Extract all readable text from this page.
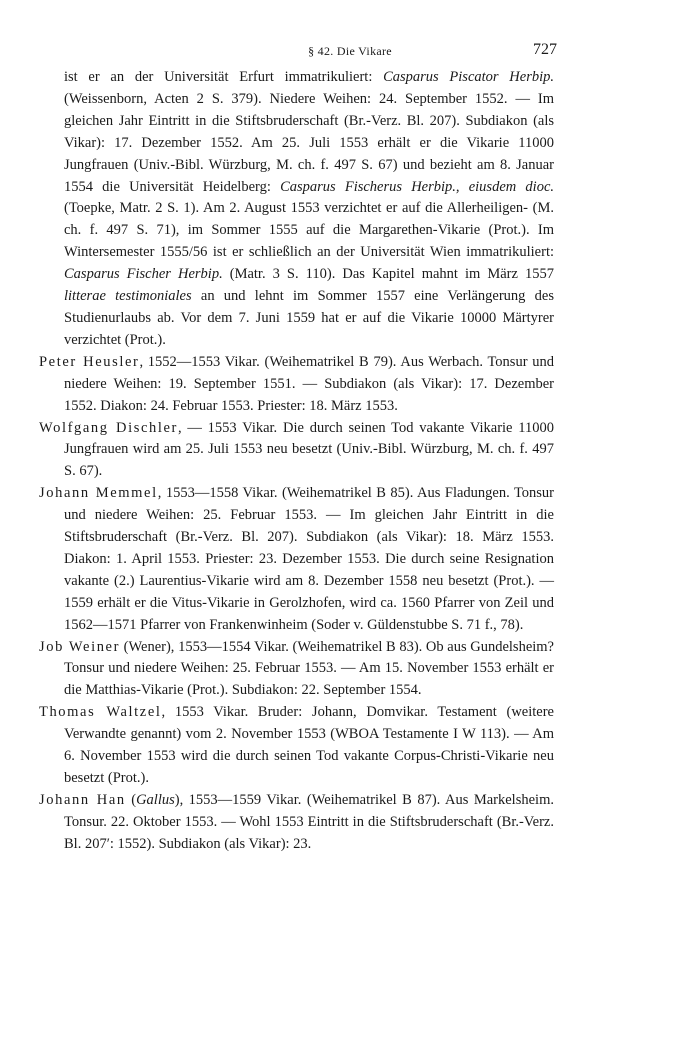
§ 42. Die Vikare	727

ist er an der Universität Erfurt immatrikuliert: Casparus Piscator Herbip. (Weissenborn, Acten 2 S. 379). Niedere Weihen: 24. September 1552. — Im gleichen Jahr Eintritt in die Stiftsbruderschaft (Br.-Verz. Bl. 207). Subdiakon (als Vikar): 17. Dezember 1552. Am 25. Juli 1553 erhält er die Vikarie 11000 Jungfrauen (Univ.-Bibl. Würzburg, M. ch. f. 497 S. 67) und bezieht am 8. Januar 1554 die Universität Heidelberg: Casparus Fischerus Herbip., eiusdem dioc. (Toepke, Matr. 2 S. 1). Am 2. August 1553 verzichtet er auf die Allerheiligen- (M. ch. f. 497 S. 71), im Sommer 1555 auf die Margarethen-Vikarie (Prot.). Im Wintersemester 1555/56 ist er schließlich an der Universität Wien immatrikuliert: Casparus Fischer Herbip. (Matr. 3 S. 110). Das Kapitel mahnt im März 1557 litterae testimoniales an und lehnt im Sommer 1557 eine Verlängerung des Studienurlaubs ab. Vor dem 7. Juni 1559 hat er auf die Vikarie 10000 Märtyrer verzichtet (Prot.).

Peter Heusler, 1552—1553 Vikar. (Weihematrikel B 79). Aus Werbach. Tonsur und niedere Weihen: 19. September 1551. — Subdiakon (als Vikar): 17. Dezember 1552. Diakon: 24. Februar 1553. Priester: 18. März 1553.

Wolfgang Dischler, — 1553 Vikar. Die durch seinen Tod vakante Vikarie 11000 Jungfrauen wird am 25. Juli 1553 neu besetzt (Univ.-Bibl. Würzburg, M. ch. f. 497 S. 67).

Johann Memmel, 1553—1558 Vikar. (Weihematrikel B 85). Aus Fladungen. Tonsur und niedere Weihen: 25. Februar 1553. — Im gleichen Jahr Eintritt in die Stiftsbruderschaft (Br.-Verz. Bl. 207). Subdiakon (als Vikar): 18. März 1553. Diakon: 1. April 1553. Priester: 23. Dezember 1553. Die durch seine Resignation vakante (2.) Laurentius-Vikarie wird am 8. Dezember 1558 neu besetzt (Prot.). — 1559 erhält er die Vitus-Vikarie in Gerolzhofen, wird ca. 1560 Pfarrer von Zeil und 1562—1571 Pfarrer von Frankenwinheim (Soder v. Güldenstubbe S. 71 f., 78).

Job Weiner (Wener), 1553—1554 Vikar. (Weihematrikel B 83). Ob aus Gundelsheim? Tonsur und niedere Weihen: 25. Februar 1553. — Am 15. November 1553 erhält er die Matthias-Vikarie (Prot.). Subdiakon: 22. September 1554.

Thomas Waltzel, 1553 Vikar. Bruder: Johann, Domvikar. Testament (weitere Verwandte genannt) vom 2. November 1553 (WBOA Testamente I W 113). — Am 6. November 1553 wird die durch seinen Tod vakante Corpus-Christi-Vikarie neu besetzt (Prot.).

Johann Han (Gallus), 1553—1559 Vikar. (Weihematrikel B 87). Aus Markelsheim. Tonsur. 22. Oktober 1553. — Wohl 1553 Eintritt in die Stiftsbruderschaft (Br.-Verz. Bl. 207′: 1552). Subdiakon (als Vikar): 23.
